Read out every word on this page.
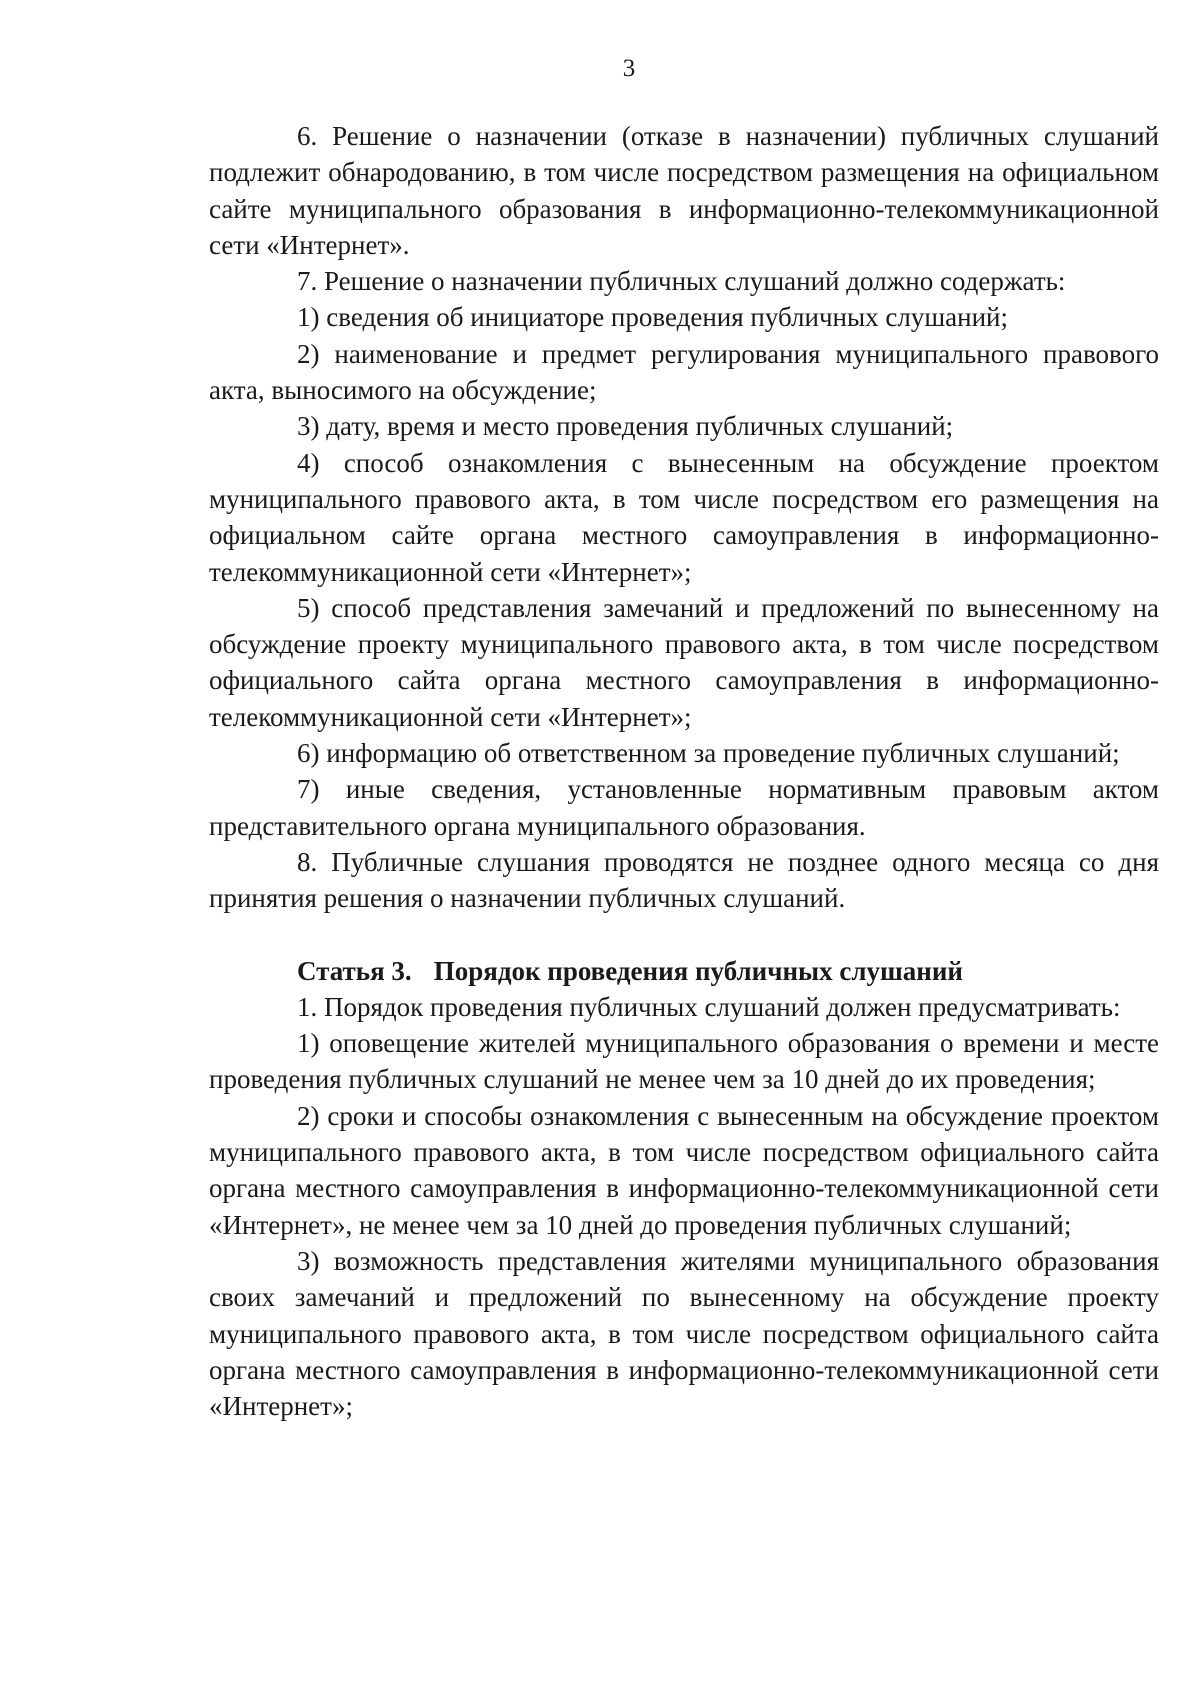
3

6. Решение о назначении (отказе в назначении) публичных слушаний подлежит обнародованию, в том числе посредством размещения на официальном сайте муниципального образования в информационно-телекоммуникационной сети «Интернет».

7. Решение о назначении публичных слушаний должно содержать:

1) сведения об инициаторе проведения публичных слушаний;

2) наименование и предмет регулирования муниципального правового акта, выносимого на обсуждение;

3) дату, время и место проведения публичных слушаний;

4) способ ознакомления с вынесенным на обсуждение проектом муниципального правового акта, в том числе посредством его размещения на официальном сайте органа местного самоуправления в информационно-телекоммуникационной сети «Интернет»;

5) способ представления замечаний и предложений по вынесенному на обсуждение проекту муниципального правового акта, в том числе посредством официального сайта органа местного самоуправления в информационно-телекоммуникационной сети «Интернет»;

6) информацию об ответственном за проведение публичных слушаний;

7) иные сведения, установленные нормативным правовым актом представительного органа муниципального образования.

8. Публичные слушания проводятся не позднее одного месяца со дня принятия решения о назначении публичных слушаний.

Статья 3. Порядок проведения публичных слушаний

1. Порядок проведения публичных слушаний должен предусматривать:

1) оповещение жителей муниципального образования о времени и месте проведения публичных слушаний не менее чем за 10 дней до их проведения;

2) сроки и способы ознакомления с вынесенным на обсуждение проектом муниципального правового акта, в том числе посредством официального сайта органа местного самоуправления в информационно-телекоммуникационной сети «Интернет», не менее чем за 10 дней до проведения публичных слушаний;

3) возможность представления жителями муниципального образования своих замечаний и предложений по вынесенному на обсуждение проекту муниципального правового акта, в том числе посредством официального сайта органа местного самоуправления в информационно-телекоммуникационной сети «Интернет»;
